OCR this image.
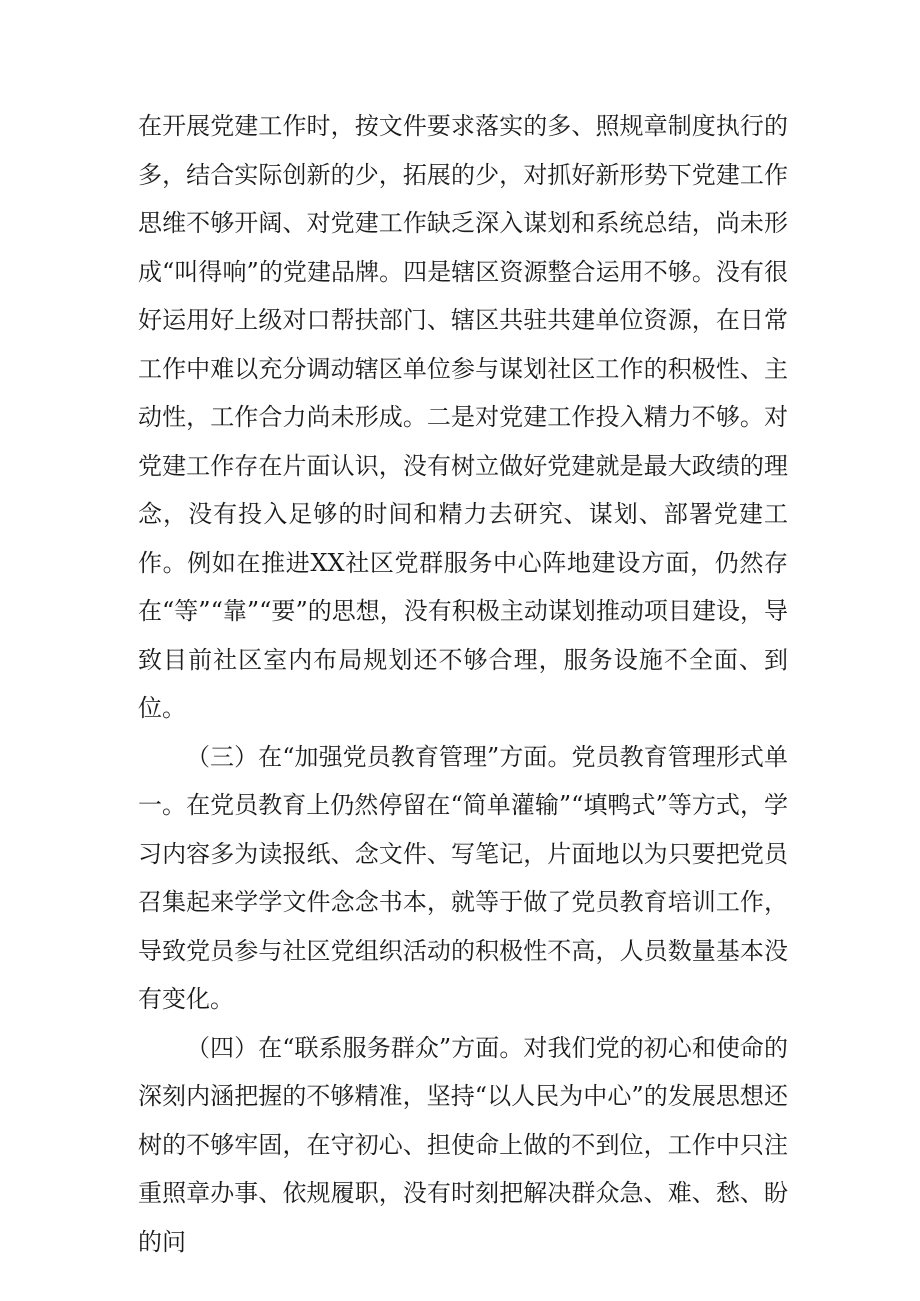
在开展党建工作时，按文件要求落实的多、照规章制度执行的多，结合实际创新的少，拓展的少，对抓好新形势下党建工作思维不够开阔、对党建工作缺乏深入谋划和系统总结，尚未形成“叫得响”的党建品牌。四是辖区资源整合运用不够。没有很好运用好上级对口帮扶部门、辖区共驻共建单位资源，在日常工作中难以充分调动辖区单位参与谋划社区工作的积极性、主动性，工作合力尚未形成。二是对党建工作投入精力不够。对党建工作存在片面认识，没有树立做好党建就是最大政绩的理念，没有投入足够的时间和精力去研究、谋划、部署党建工作。例如在推进XX社区党群服务中心阵地建设方面，仍然存在“等”“靠”“要”的思想，没有积极主动谋划推动项目建设，导致目前社区室内布局规划还不够合理，服务设施不全面、到位。

（三）在“加强党员教育管理”方面。党员教育管理形式单一。在党员教育上仍然停留在“简单灌输”“填鸭式”等方式，学习内容多为读报纸、念文件、写笔记，片面地以为只要把党员召集起来学学文件念念书本，就等于做了党员教育培训工作，导致党员参与社区党组织活动的积极性不高，人员数量基本没有变化。

（四）在“联系服务群众”方面。对我们党的初心和使命的深刻内涵把握的不够精准，坚持“以人民为中心”的发展思想还树的不够牢固，在守初心、担使命上做的不到位，工作中只注重照章办事、依规履职，没有时刻把解决群众急、难、愁、盼的问
